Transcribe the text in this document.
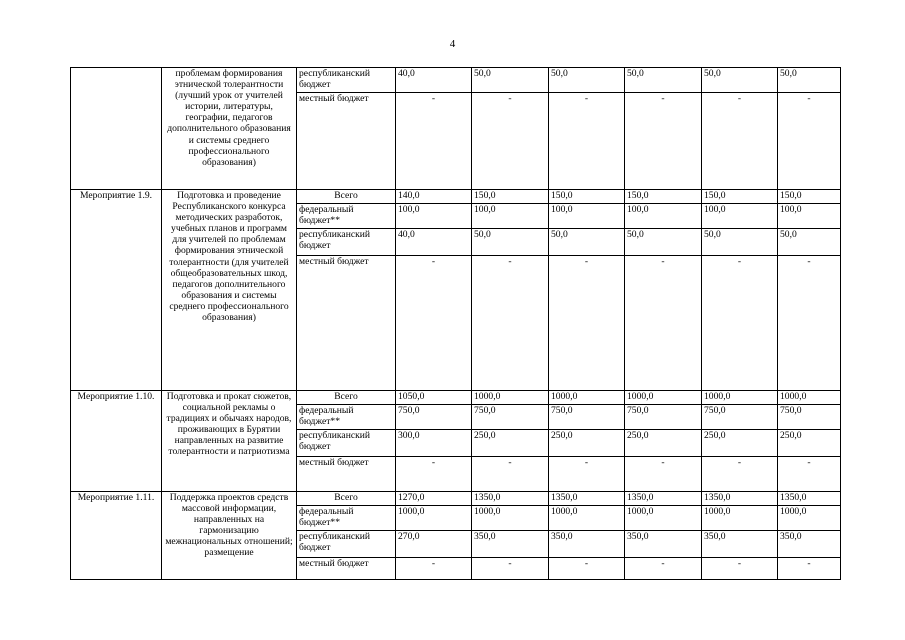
4
	проблемам формирования этнической толерантности (лучший урок от учителей истории, литературы, географии, педагогов дополнительного образования и системы среднего профессионального образования)	республиканский бюджет	40,0	50,0	50,0	50,0	50,0	50,0
		местный бюджет	-	-	-	-	-	-
Мероприятие 1.9.	Подготовка и проведение Республиканского конкурса методических разработок, учебных планов и программ для учителей по проблемам формирования этнической толерантности (для учителей общеобразовательных шкод, педагогов дополнительного образования и системы среднего профессионального образования)	Всего	140,0	150,0	150,0	150,0	150,0	150,0
		федеральный бюджет**	100,0	100,0	100,0	100,0	100,0	100,0
		республиканский бюджет	40,0	50,0	50,0	50,0	50,0	50,0
		местный бюджет	-	-	-	-	-	-
Мероприятие 1.10.	Подготовка и прокат сюжетов, социальной рекламы о традициях и обычаях народов, проживающих в Бурятии направленных на развитие толерантности и патриотизма	Всего	1050,0	1000,0	1000,0	1000,0	1000,0	1000,0
		федеральный бюджет**	750,0	750,0	750,0	750,0	750,0	750,0
		республиканский бюджет	300,0	250,0	250,0	250,0	250,0	250,0
		местный бюджет	-	-	-	-	-	-
Мероприятие 1.11.	Поддержка проектов средств массовой информации, направленных на гармонизацию межнациональных отношений; размещение	Всего	1270,0	1350,0	1350,0	1350,0	1350,0	1350,0
		федеральный бюджет**	1000,0	1000,0	1000,0	1000,0	1000,0	1000,0
		республиканский бюджет	270,0	350,0	350,0	350,0	350,0	350,0
		местный бюджет	-	-	-	-	-	-
